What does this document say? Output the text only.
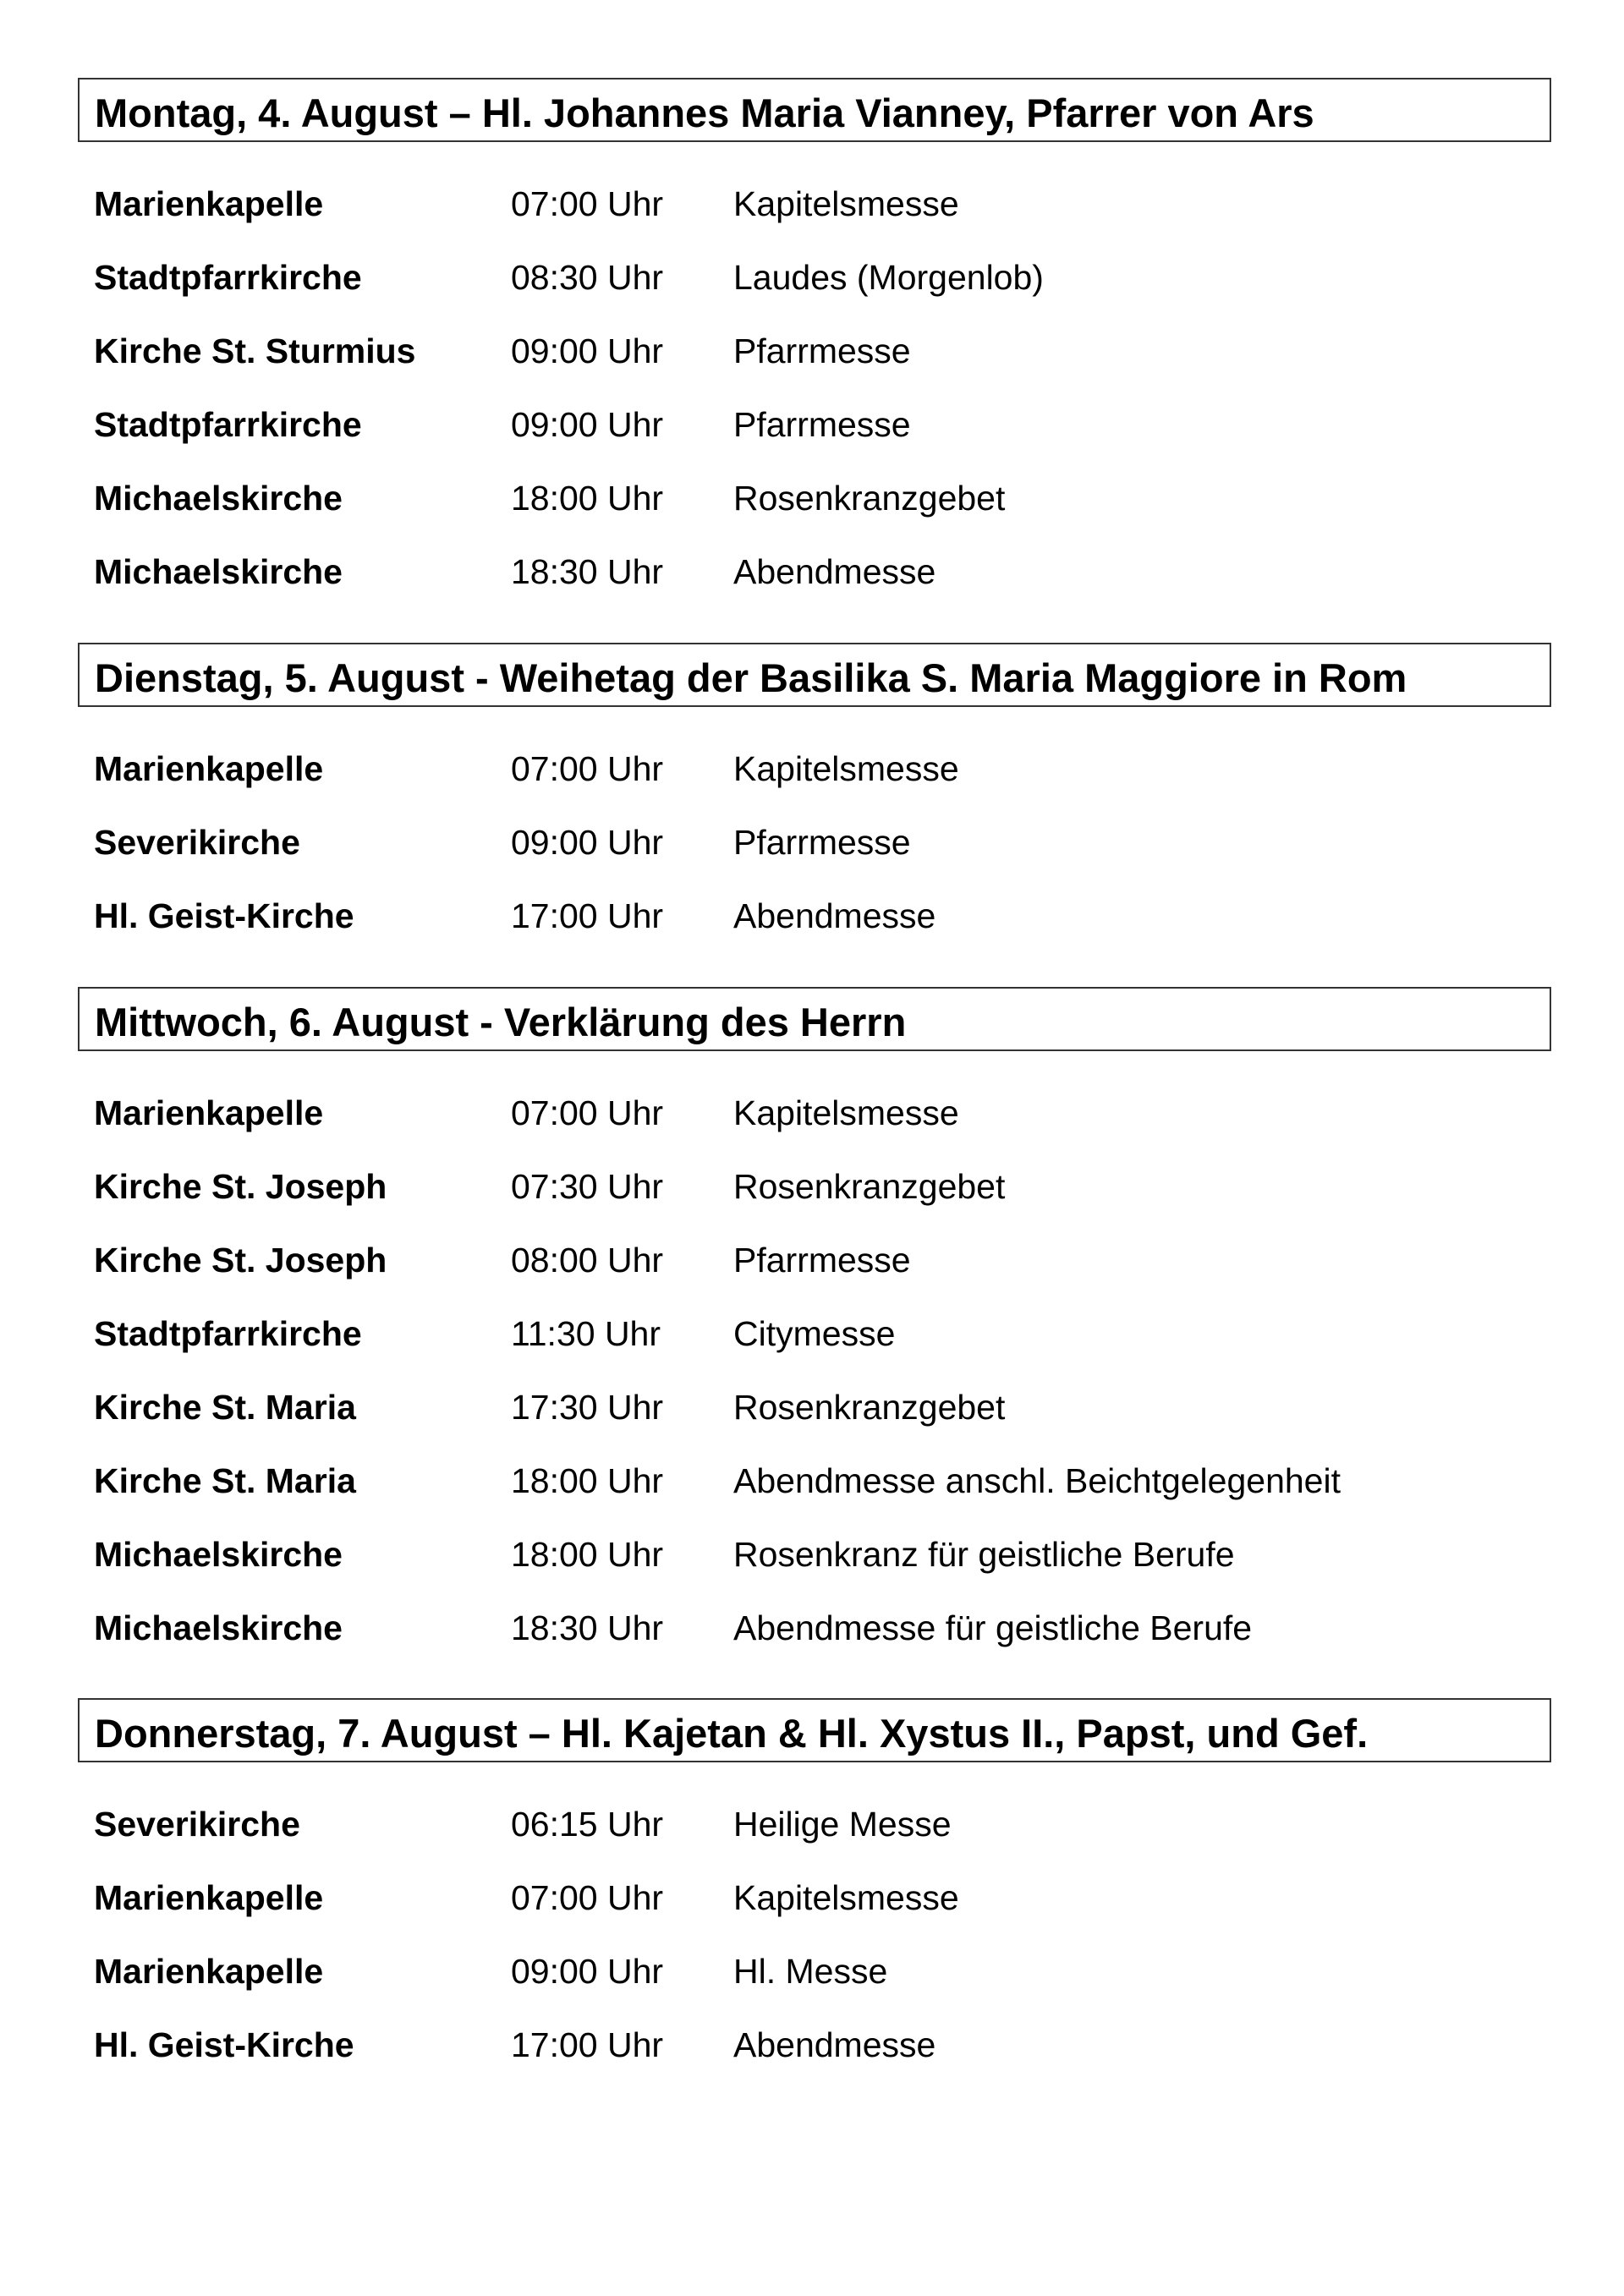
Montag, 4. August – Hl. Johannes Maria Vianney, Pfarrer von Ars
Marienkapelle	07:00 Uhr Kapitelsmesse
Stadtpfarrkirche	08:30 Uhr Laudes (Morgenlob)
Kirche St. Sturmius	09:00 Uhr Pfarrmesse
Stadtpfarrkirche	09:00 Uhr Pfarrmesse
Michaelskirche	18:00 Uhr Rosenkranzgebet
Michaelskirche	18:30 Uhr Abendmesse
Dienstag, 5. August - Weihetag der Basilika S. Maria Maggiore in Rom
Marienkapelle	07:00 Uhr Kapitelsmesse
Severikirche	09:00 Uhr Pfarrmesse
Hl. Geist-Kirche	17:00 Uhr Abendmesse
Mittwoch, 6. August - Verklärung des Herrn
Marienkapelle	07:00 Uhr Kapitelsmesse
Kirche St. Joseph	07:30 Uhr Rosenkranzgebet
Kirche St. Joseph	08:00 Uhr Pfarrmesse
Stadtpfarrkirche	11:30 Uhr Citymesse
Kirche St. Maria	17:30 Uhr Rosenkranzgebet
Kirche St. Maria	18:00 Uhr Abendmesse anschl. Beichtgelegenheit
Michaelskirche	18:00 Uhr Rosenkranz für geistliche Berufe
Michaelskirche	18:30 Uhr Abendmesse für geistliche Berufe
Donnerstag, 7. August – Hl. Kajetan & Hl. Xystus II., Papst, und Gef.
Severikirche	06:15 Uhr Heilige Messe
Marienkapelle	07:00 Uhr Kapitelsmesse
Marienkapelle	09:00 Uhr Hl. Messe
Hl. Geist-Kirche	17:00 Uhr Abendmesse
